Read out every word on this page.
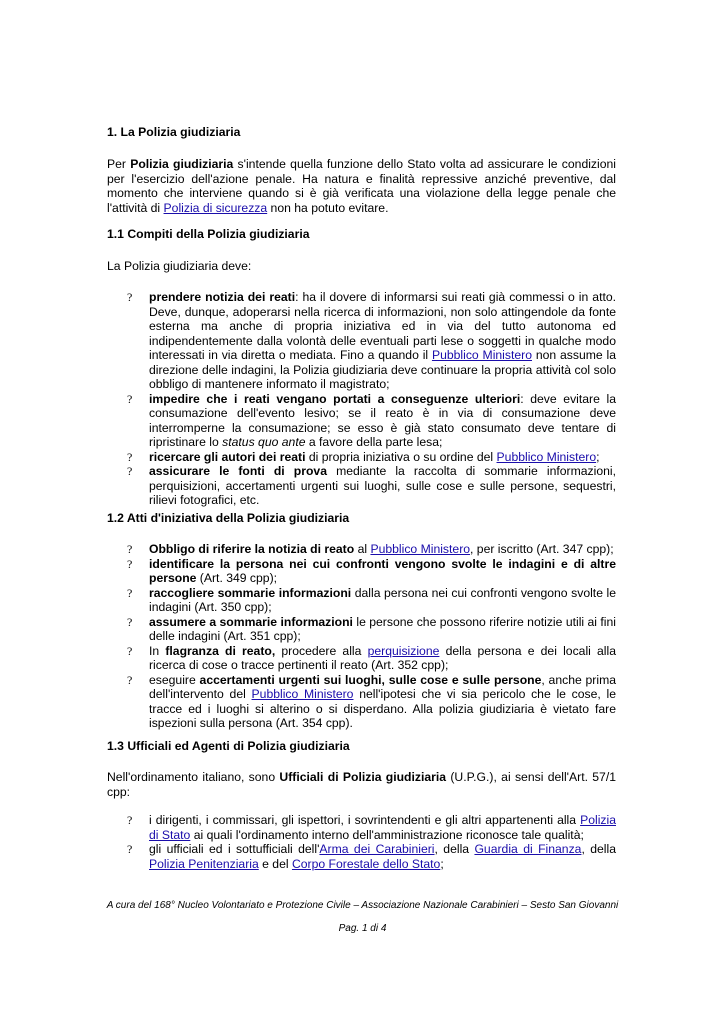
1. La Polizia giudiziaria

Per Polizia giudiziaria s'intende quella funzione dello Stato volta ad assicurare le condizioni per l'esercizio dell'azione penale. Ha natura e finalità repressive anziché preventive, dal momento che interviene quando si è già verificata una violazione della legge penale che l'attività di Polizia di sicurezza non ha potuto evitare.

1.1 Compiti della Polizia giudiziaria

La Polizia giudiziaria deve:

? prendere notizia dei reati: ha il dovere di informarsi sui reati già commessi o in atto. Deve, dunque, adoperarsi nella ricerca di informazioni, non solo attingendole da fonte esterna ma anche di propria iniziativa ed in via del tutto autonoma ed indipendentemente dalla volontà delle eventuali parti lese o soggetti in qualche modo interessati in via diretta o mediata. Fino a quando il Pubblico Ministero non assume la direzione delle indagini, la Polizia giudiziaria deve continuare la propria attività col solo obbligo di mantenere informato il magistrato;
? impedire che i reati vengano portati a conseguenze ulteriori: deve evitare la consumazione dell'evento lesivo; se il reato è in via di consumazione deve interromperne la consumazione; se esso è già stato consumato deve tentare di ripristinare lo status quo ante a favore della parte lesa;
? ricercare gli autori dei reati di propria iniziativa o su ordine del Pubblico Ministero;
? assicurare le fonti di prova mediante la raccolta di sommarie informazioni, perquisizioni, accertamenti urgenti sui luoghi, sulle cose e sulle persone, sequestri, rilievi fotografici, etc.
1.2 Atti d'iniziativa della Polizia giudiziaria
? Obbligo di riferire la notizia di reato al Pubblico Ministero, per iscritto (Art. 347 cpp);
? identificare la persona nei cui confronti vengono svolte le indagini e di altre persone (Art. 349 cpp);
? raccogliere sommarie informazioni dalla persona nei cui confronti vengono svolte le indagini (Art. 350 cpp);
? assumere a sommarie informazioni le persone che possono riferire notizie utili ai fini delle indagini (Art. 351 cpp);
? In flagranza di reato, procedere alla perquisizione della persona e dei locali alla ricerca di cose o tracce pertinenti il reato (Art. 352 cpp);
? eseguire accertamenti urgenti sui luoghi, sulle cose e sulle persone, anche prima dell'intervento del Pubblico Ministero nell'ipotesi che vi sia pericolo che le cose, le tracce ed i luoghi si alterino o si disperdano. Alla polizia giudiziaria è vietato fare ispezioni sulla persona (Art. 354 cpp).
1.3 Ufficiali ed Agenti di Polizia giudiziaria

Nell'ordinamento italiano, sono Ufficiali di Polizia giudiziaria (U.P.G.), ai sensi dell'Art. 57/1 cpp:

? i dirigenti, i commissari, gli ispettori, i sovrintendenti e gli altri appartenenti alla Polizia di Stato ai quali l'ordinamento interno dell'amministrazione riconosce tale qualità;
? gli ufficiali ed i sottufficiali dell'Arma dei Carabinieri, della Guardia di Finanza, della Polizia Penitenziaria e del Corpo Forestale dello Stato;
A cura del 168° Nucleo Volontariato e Protezione Civile – Associazione Nazionale Carabinieri – Sesto San Giovanni
Pag. 1 di 4
